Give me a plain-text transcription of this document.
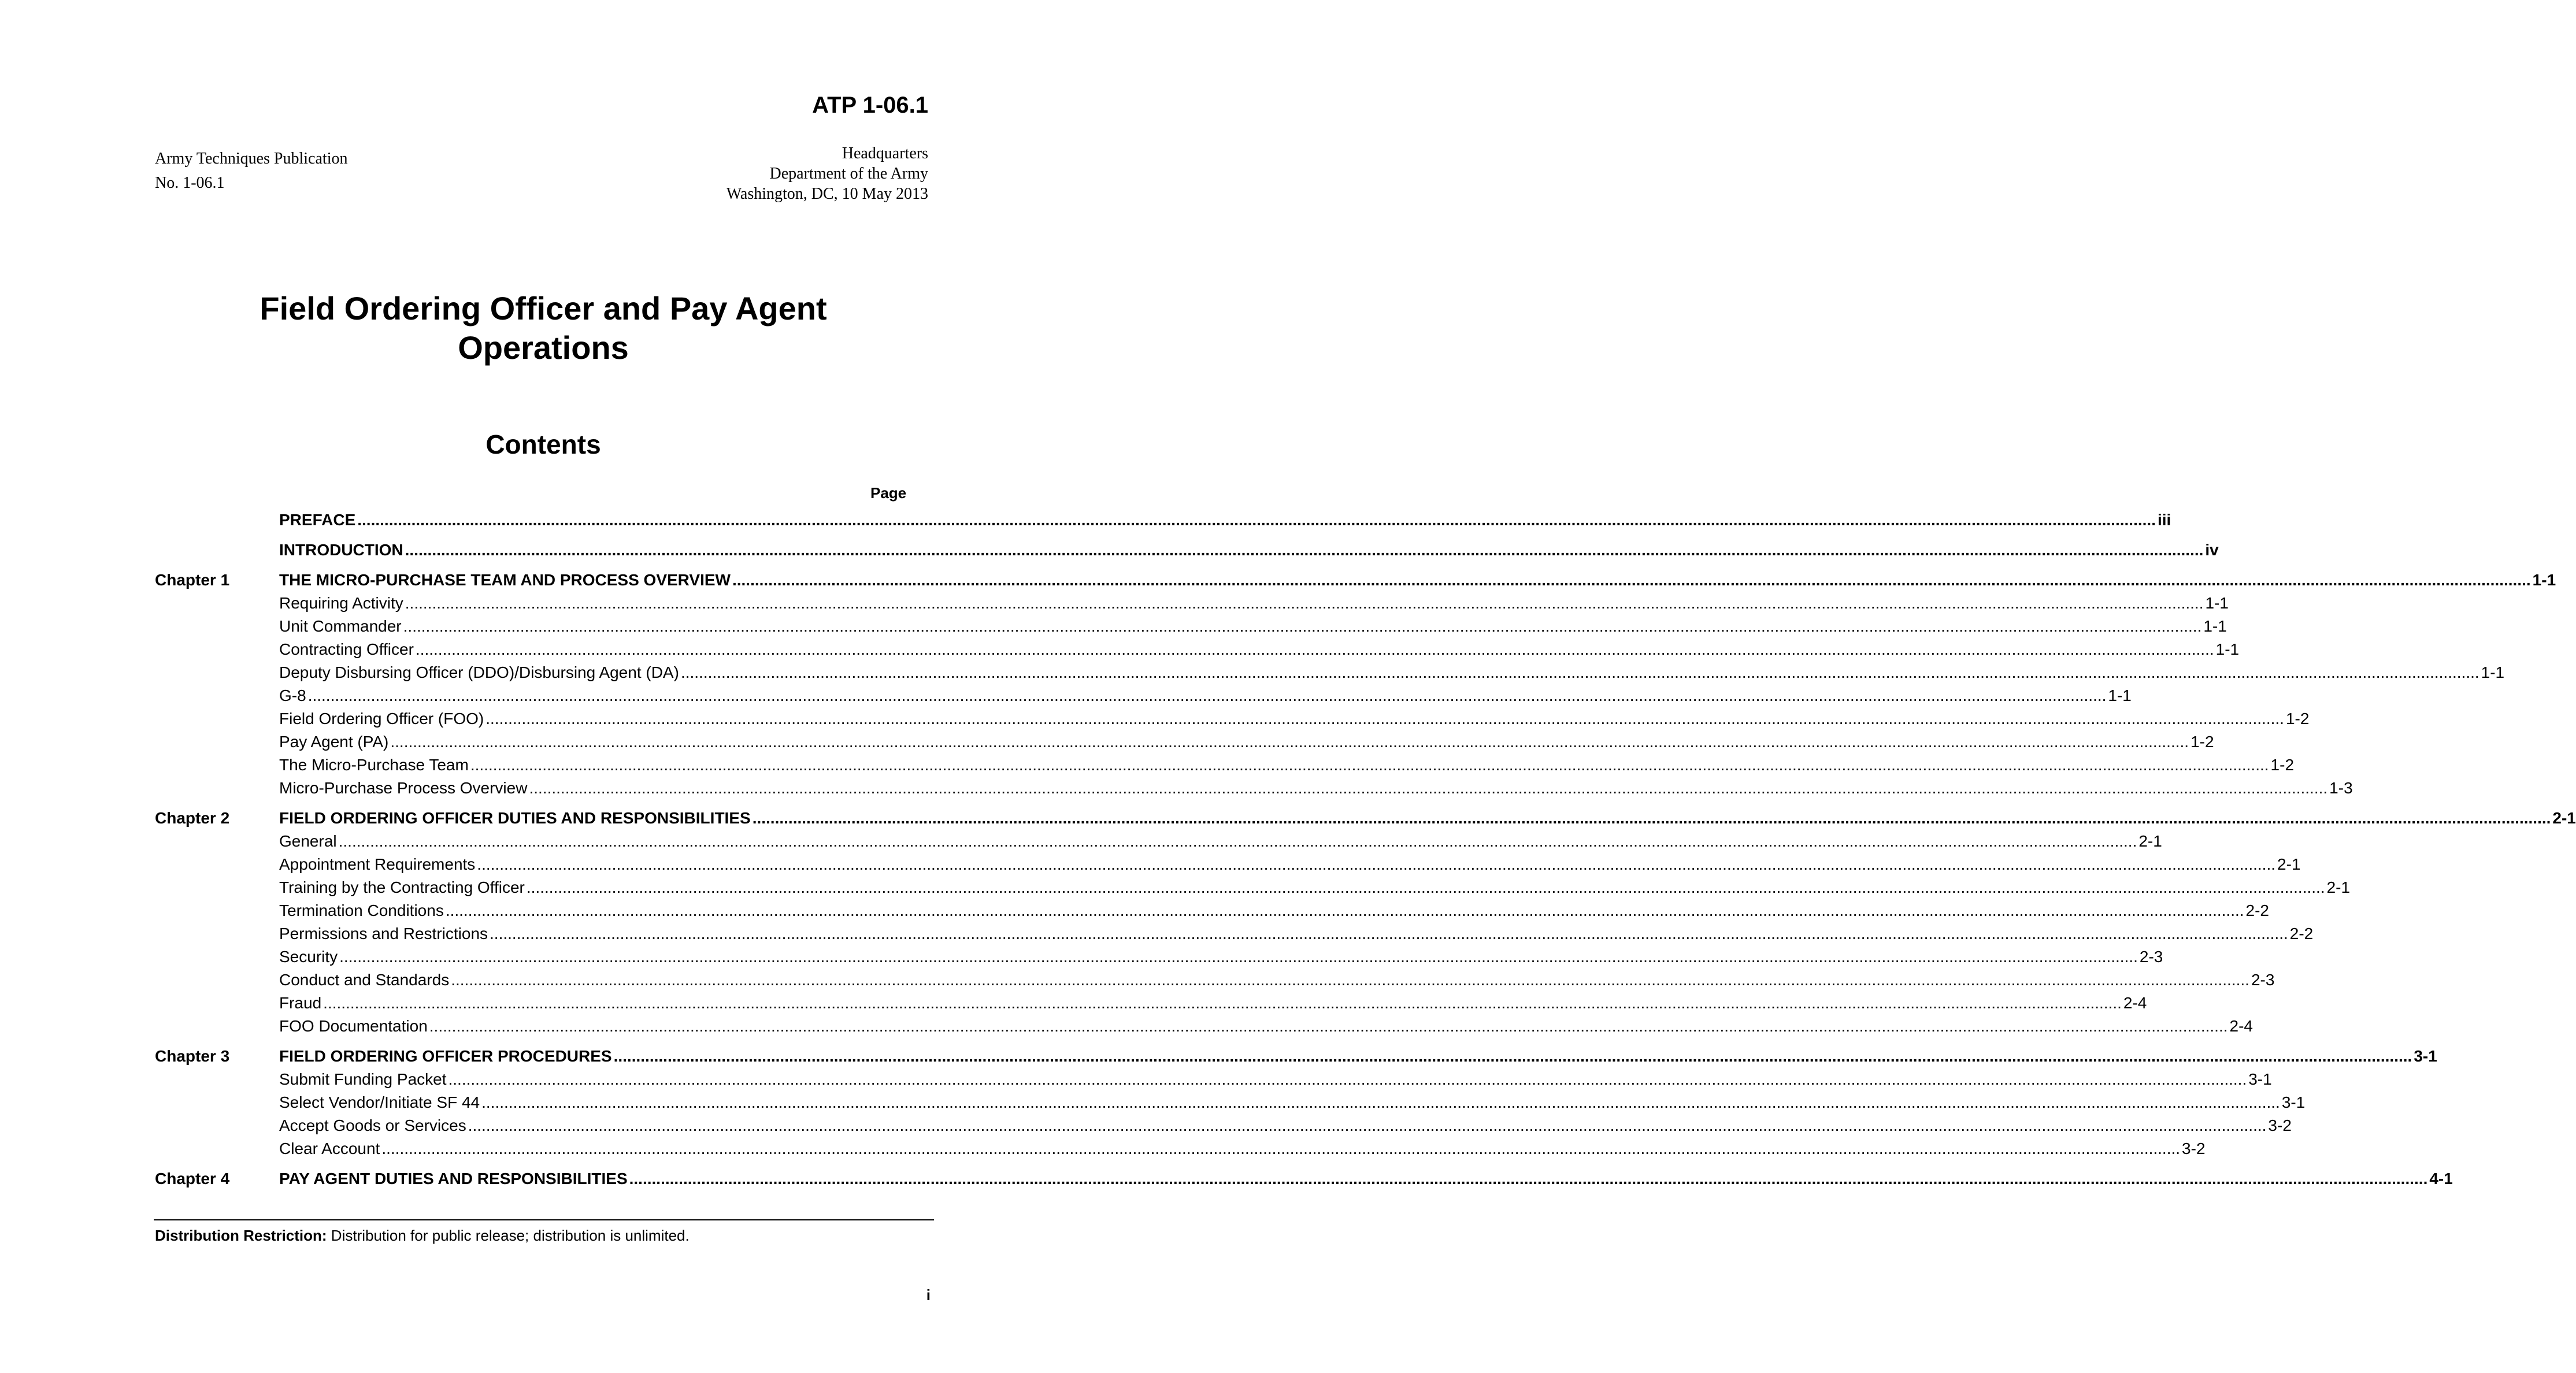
ATP 1-06.1
Army Techniques Publication
No. 1-06.1
Headquarters
Department of the Army
Washington, DC, 10 May 2013
Field Ordering Officer and Pay Agent
Operations
Contents
Page
PREFACE ................................................................................................................................................................................................................................................................................................................................................................................................................ iii
INTRODUCTION ................................................................................................................................................................................................................................................................................................................................................................................................................ iv
Chapter 1	THE MICRO-PURCHASE TEAM AND PROCESS OVERVIEW ................................................................................................................................................................................................................................................................................................................................................................................................................ 1-1
Requiring Activity ................................................................................................................................................................................................................................................................................................................................................................................................................ 1-1
Unit Commander ................................................................................................................................................................................................................................................................................................................................................................................................................ 1-1
Contracting Officer ................................................................................................................................................................................................................................................................................................................................................................................................................ 1-1
Deputy Disbursing Officer (DDO)/Disbursing Agent (DA) ................................................................................................................................................................................................................................................................................................................................................................................................................ 1-1
G-8 ................................................................................................................................................................................................................................................................................................................................................................................................................ 1-1
Field Ordering Officer (FOO) ................................................................................................................................................................................................................................................................................................................................................................................................................ 1-2
Pay Agent (PA) ................................................................................................................................................................................................................................................................................................................................................................................................................ 1-2
The Micro-Purchase Team ................................................................................................................................................................................................................................................................................................................................................................................................................ 1-2
Micro-Purchase Process Overview ................................................................................................................................................................................................................................................................................................................................................................................................................ 1-3
Chapter 2	FIELD ORDERING OFFICER DUTIES AND RESPONSIBILITIES ................................................................................................................................................................................................................................................................................................................................................................................................................ 2-1
General ................................................................................................................................................................................................................................................................................................................................................................................................................ 2-1
Appointment Requirements ................................................................................................................................................................................................................................................................................................................................................................................................................ 2-1
Training by the Contracting Officer ................................................................................................................................................................................................................................................................................................................................................................................................................ 2-1
Termination Conditions ................................................................................................................................................................................................................................................................................................................................................................................................................ 2-2
Permissions and Restrictions ................................................................................................................................................................................................................................................................................................................................................................................................................ 2-2
Security ................................................................................................................................................................................................................................................................................................................................................................................................................ 2-3
Conduct and Standards ................................................................................................................................................................................................................................................................................................................................................................................................................ 2-3
Fraud ................................................................................................................................................................................................................................................................................................................................................................................................................ 2-4
FOO Documentation ................................................................................................................................................................................................................................................................................................................................................................................................................ 2-4
Chapter 3	FIELD ORDERING OFFICER PROCEDURES ................................................................................................................................................................................................................................................................................................................................................................................................................ 3-1
Submit Funding Packet ................................................................................................................................................................................................................................................................................................................................................................................................................ 3-1
Select Vendor/Initiate SF 44 ................................................................................................................................................................................................................................................................................................................................................................................................................ 3-1
Accept Goods or Services ................................................................................................................................................................................................................................................................................................................................................................................................................ 3-2
Clear Account ................................................................................................................................................................................................................................................................................................................................................................................................................ 3-2
Chapter 4	PAY AGENT DUTIES AND RESPONSIBILITIES ................................................................................................................................................................................................................................................................................................................................................................................................................ 4-1
Distribution Restriction: Distribution for public release; distribution is unlimited.
i
